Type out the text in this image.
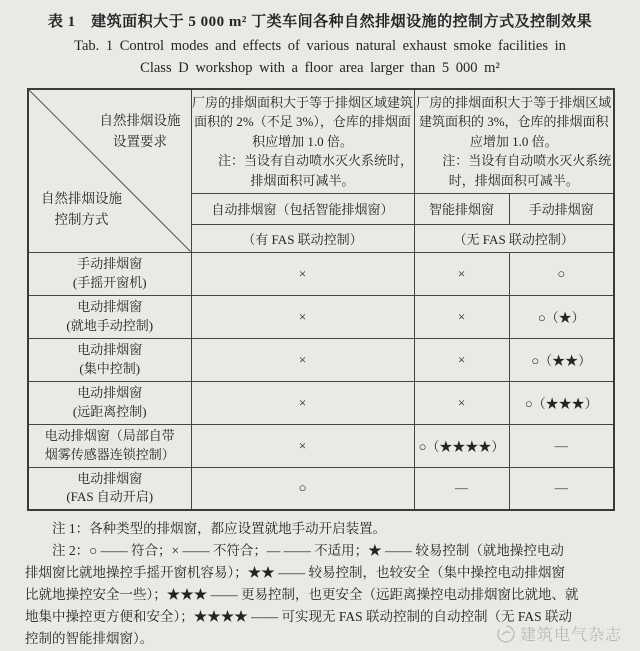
表 1　建筑面积大于 5 000 m² 丁类车间各种自然排烟设施的控制方式及控制效果
Tab. 1 Control modes and effects of various natural exhaust smoke facilities in
Class D workshop with a floor area larger than 5 000 m²
自然排烟设施
设置要求
自然排烟设施
控制方式

厂房的排烟面积大于等于排烟区域建筑面积的 2%（不足 3%），仓库的排烟面积应增加 1.0 倍。
注：当设有自动喷水灭火系统时，排烟面积可减半。

厂房的排烟面积大于等于排烟区域建筑面积的 3%，仓库的排烟面积应增加 1.0 倍。
注：当设有自动喷水灭火系统时，排烟面积可减半。

	自动排烟窗（包括智能排烟窗）	智能排烟窗	手动排烟窗
	（有 FAS 联动控制）	（无 FAS 联动控制）	

手动排烟窗
(手摇开窗机)	×	×	○

电动排烟窗
(就地手动控制)	×	×	○（★）

电动排烟窗
(集中控制)	×	×	○（★★）

电动排烟窗
(远距离控制)	×	×	○（★★★）

电动排烟窗（局部自带
烟雾传感器连锁控制）	×	○（★★★★）	—

电动排烟窗
(FAS 自动开启)	○	—	—
注 1：各种类型的排烟窗，都应设置就地手动开启装置。
注 2：○ —— 符合；× —— 不符合；— —— 不适用；★ —— 较易控制（就地操控电动
排烟窗比就地操控手摇开窗机容易）；★★ —— 较易控制，也较安全（集中操控电动排烟窗
比就地操控安全一些）；★★★ —— 更易控制，也更安全（远距离操控电动排烟窗比就地、就
地集中操控更方便和安全）；★★★★ —— 可实现无 FAS 联动控制的自动控制（无 FAS 联动
控制的智能排烟窗）。	建筑电气杂志
